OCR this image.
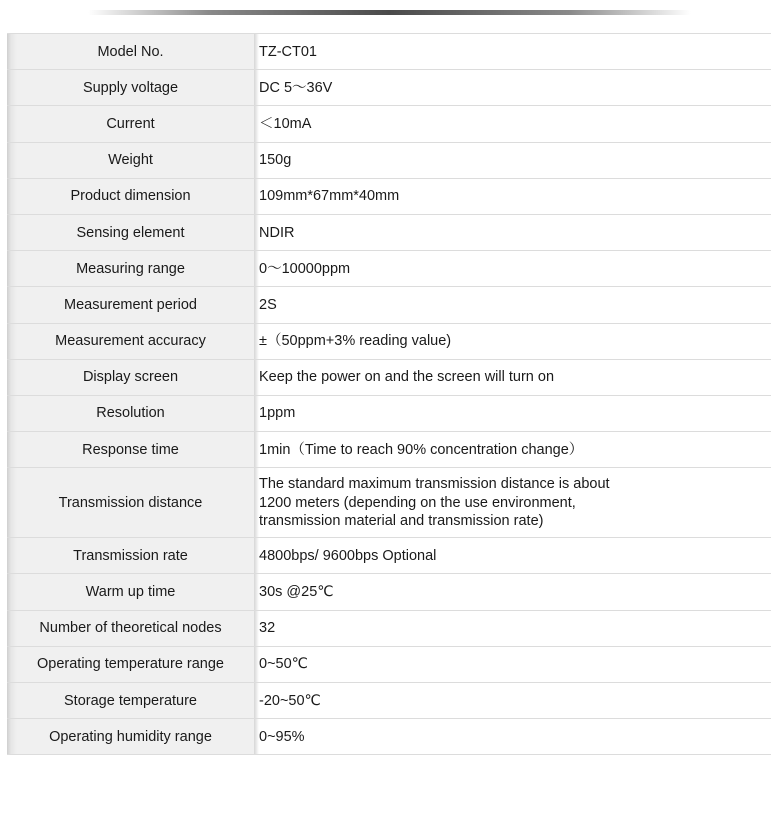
Model No.		TZ-CT01
Supply voltage		DC 5〜36V
Current		＜10mA
Weight		150g
Product dimension		109mm*67mm*40mm
Sensing element		NDIR
Measuring range		0〜10000ppm
Measurement period		2S
Measurement accuracy		±（50ppm+3% reading value)
Display screen		Keep the power on and the screen will turn on
Resolution		1ppm
Response time		1min（Time to reach 90% concentration change）
Transmission distance		The standard maximum transmission distance is about
1200 meters (depending on the use environment,
transmission material and transmission rate)

Transmission rate		4800bps/ 9600bps Optional
Warm up time		30s @25℃
Number of theoretical nodes		32
Operating temperature range		0~50℃
Storage temperature		-20~50℃
Operating humidity range		0~95%
